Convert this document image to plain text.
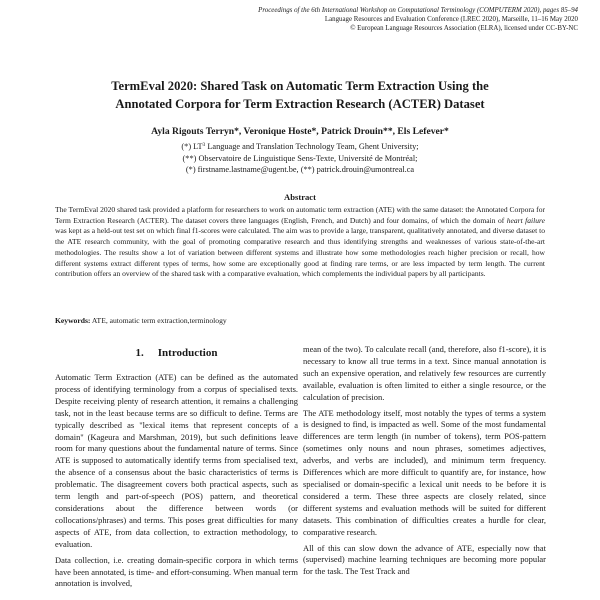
Proceedings of the 6th International Workshop on Computational Terminology (COMPUTERM 2020), pages 85–94
Language Resources and Evaluation Conference (LREC 2020), Marseille, 11–16 May 2020
© European Language Resources Association (ELRA), licensed under CC-BY-NC
TermEval 2020: Shared Task on Automatic Term Extraction Using the
Annotated Corpora for Term Extraction Research (ACTER) Dataset
Ayla Rigouts Terryn*, Veronique Hoste*, Patrick Drouin**, Els Lefever*
(*) $LT^3$ Language and Translation Technology Team, Ghent University;
(**) Observatoire de Linguistique Sens-Texte, Université de Montréal;
(*) firstname.lastname@ugent.be, (**) patrick.drouin@umontreal.ca
Abstract
The TermEval 2020 shared task provided a platform for researchers to work on automatic term extraction (ATE) with the same dataset: the Annotated Corpora for Term Extraction Research (ACTER). The dataset covers three languages (English, French, and Dutch) and four domains, of which the domain of heart failure was kept as a held-out test set on which final f1-scores were calculated. The aim was to provide a large, transparent, qualitatively annotated, and diverse dataset to the ATE research community, with the goal of promoting comparative research and thus identifying strengths and weaknesses of various state-of-the-art methodologies. The results show a lot of variation between different systems and illustrate how some methodologies reach higher precision or recall, how different systems extract different types of terms, how some are exceptionally good at finding rare terms, or are less impacted by term length. The current contribution offers an overview of the shared task with a comparative evaluation, which complements the individual papers by all participants.
Keywords: ATE, automatic term extraction,terminology
1. Introduction

Automatic Term Extraction (ATE) can be defined as the automated process of identifying terminology from a corpus of specialised texts. Despite receiving plenty of research attention, it remains a challenging task, not in the least because terms are so difficult to define. Terms are typically described as "lexical items that represent concepts of a domain" (Kageura and Marshman, 2019), but such definitions leave room for many questions about the fundamental nature of terms. Since ATE is supposed to automatically identify terms from specialised text, the absence of a consensus about the basic characteristics of terms is problematic. The disagreement covers both practical aspects, such as term length and part-of-speech (POS) pattern, and theoretical considerations about the difference between words (or collocations/phrases) and terms. This poses great difficulties for many aspects of ATE, from data collection, to extraction methodology, to evaluation.

Data collection, i.e. creating domain-specific corpora in which terms have been annotated, is time- and effort-consuming. When manual term annotation is involved,

mean of the two). To calculate recall (and, therefore, also f1-score), it is necessary to know all true terms in a text. Since manual annotation is such an expensive operation, and relatively few resources are currently available, evaluation is often limited to either a single resource, or the calculation of precision.

The ATE methodology itself, most notably the types of terms a system is designed to find, is impacted as well. Some of the most fundamental differences are term length (in number of tokens), term POS-pattern (sometimes only nouns and noun phrases, sometimes adjectives, adverbs, and verbs are included), and minimum term frequency. Differences which are more difficult to quantify are, for instance, how specialised or domain-specific a lexical unit needs to be before it is considered a term. These three aspects are closely related, since different systems and evaluation methods will be suited for different datasets. This combination of difficulties creates a hurdle for clear, comparative research.

All of this can slow down the advance of ATE, especially now that (supervised) machine learning techniques are becoming more popular for the task. The Test Track and
